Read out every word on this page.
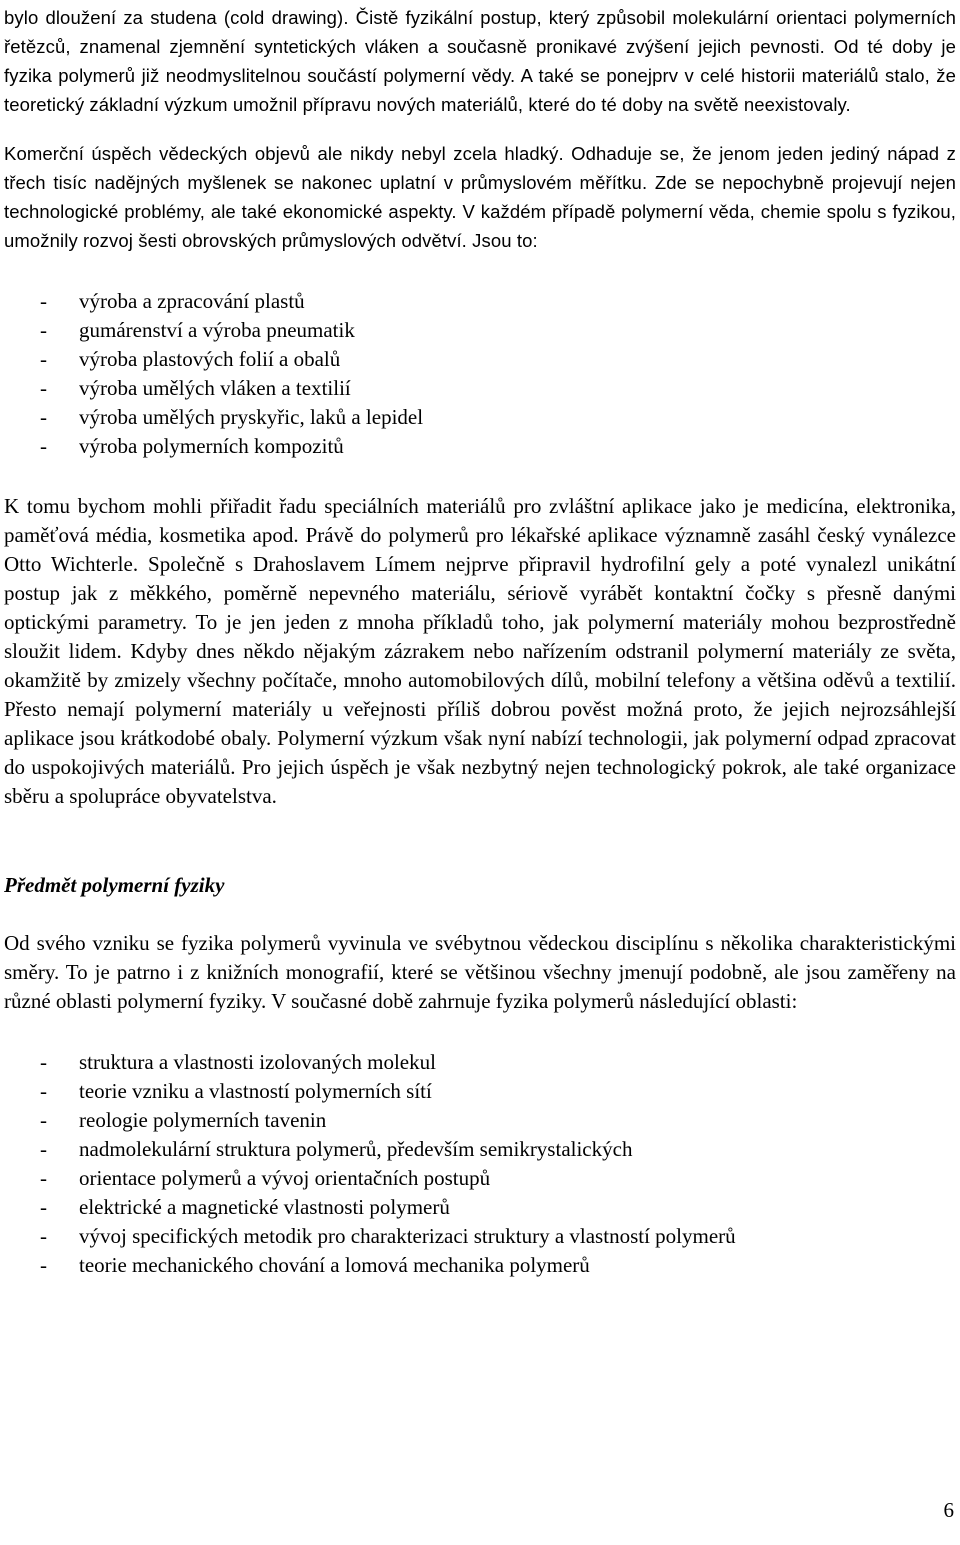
bylo dloužení za studena (cold drawing). Čistě fyzikální postup, který způsobil molekulární orientaci polymerních řetězců, znamenal zjemnění syntetických vláken a současně pronikavé zvýšení jejich pevnosti. Od té doby je fyzika polymerů již neodmyslitelnou součástí polymerní vědy. A také se ponejprv v celé historii materiálů stalo, že teoretický základní výzkum umožnil přípravu nových materiálů, které do té doby na světě neexistovaly.

Komerční úspěch vědeckých objevů ale nikdy nebyl zcela hladký. Odhaduje se, že jenom jeden jediný nápad z třech tisíc nadějných myšlenek se nakonec uplatní v průmyslovém měřítku. Zde se nepochybně projevují nejen technologické problémy, ale také ekonomické aspekty. V každém případě polymerní věda, chemie spolu s fyzikou, umožnily rozvoj šesti obrovských průmyslových odvětví. Jsou to:

- výroba a zpracování plastů
- gumárenství a výroba pneumatik
- výroba plastových folií a obalů
- výroba umělých vláken a textilií
- výroba umělých pryskyřic, laků a lepidel
- výroba polymerních kompozitů

K tomu bychom mohli přiřadit řadu speciálních materiálů pro zvláštní aplikace jako je medicína, elektronika, paměťová média, kosmetika apod. Právě do polymerů pro lékařské aplikace významně zasáhl český vynálezce Otto Wichterle. Společně s Drahoslavem Límem nejprve připravil hydrofilní gely a poté vynalezl unikátní postup jak z měkkého, poměrně nepevného materiálu, sériově vyrábět kontaktní čočky s přesně danými optickými parametry. To je jen jeden z mnoha příkladů toho, jak polymerní materiály mohou bezprostředně sloužit lidem. Kdyby dnes někdo nějakým zázrakem nebo nařízením odstranil polymerní materiály ze světa, okamžitě by zmizely všechny počítače, mnoho automobilových dílů, mobilní telefony a většina oděvů a textilií. Přesto nemají polymerní materiály u veřejnosti příliš dobrou pověst možná proto, že jejich nejrozsáhlejší aplikace jsou krátkodobé obaly. Polymerní výzkum však nyní nabízí technologii, jak polymerní odpad zpracovat do uspokojivých materiálů. Pro jejich úspěch je však nezbytný nejen technologický pokrok, ale také organizace sběru a spolupráce obyvatelstva.

Předmět polymerní fyziky

Od svého vzniku se fyzika polymerů vyvinula ve svébytnou vědeckou disciplínu s několika charakteristickými směry. To je patrno i z knižních monografií, které se většinou všechny jmenují podobně, ale jsou zaměřeny na různé oblasti polymerní fyziky. V současné době zahrnuje fyzika polymerů následující oblasti:

- struktura a vlastnosti izolovaných molekul
- teorie vzniku a vlastností polymerních sítí
- reologie polymerních tavenin
- nadmolekulární struktura polymerů, především semikrystalických
- orientace polymerů a vývoj orientačních postupů
- elektrické a magnetické vlastnosti polymerů
- vývoj specifických metodik pro charakterizaci struktury a vlastností polymerů
- teorie mechanického chování a lomová mechanika polymerů
6
